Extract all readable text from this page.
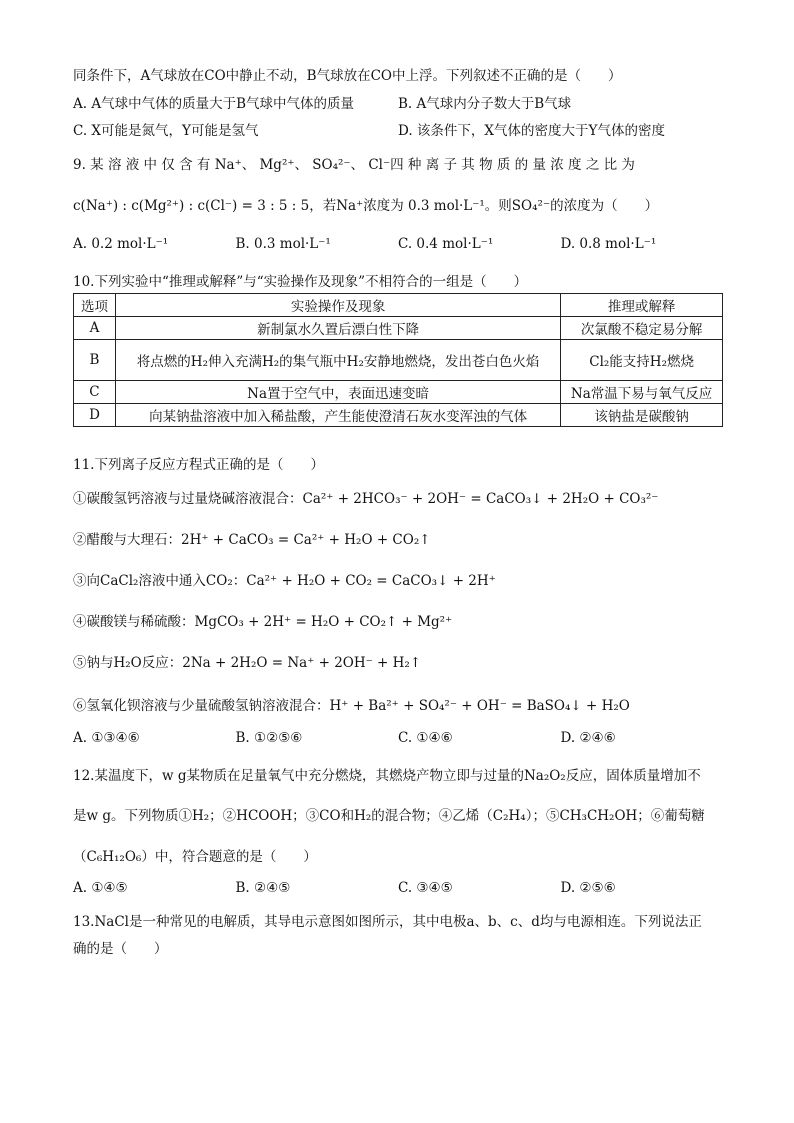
同条件下，A气球放在CO中静止不动，B气球放在CO中上浮。下列叙述不正确的是（　　）
A. A气球中气体的质量大于B气球中气体的质量	B. A气球内分子数大于B气球
C. X可能是氮气，Y可能是氢气	D. 该条件下，X气体的密度大于Y气体的密度
9. 某 溶 液 中 仅 含 有 Na⁺、 Mg²⁺、 SO₄²⁻、 Cl⁻四 种 离 子 其 物 质 的 量 浓 度 之 比 为
c(Na⁺) : c(Mg²⁺) : c(Cl⁻) = 3 : 5 : 5，若Na⁺浓度为 0.3 mol·L⁻¹。则SO₄²⁻的浓度为（　　）
A. 0.2 mol·L⁻¹	B. 0.3 mol·L⁻¹	C. 0.4 mol·L⁻¹	D. 0.8 mol·L⁻¹
10.下列实验中“推理或解释”与“实验操作及现象”不相符合的一组是（　　）
选项	实验操作及现象	推理或解释
A	新制氯水久置后漂白性下降	次氯酸不稳定易分解
B	将点燃的H₂伸入充满H₂的集气瓶中H₂安静地燃烧，发出苍白色火焰	Cl₂能支持H₂燃烧
C	Na置于空气中，表面迅速变暗	Na常温下易与氧气反应
D	向某钠盐溶液中加入稀盐酸，产生能使澄清石灰水变浑浊的气体	该钠盐是碳酸钠
11.下列离子反应方程式正确的是（　　）
①碳酸氢钙溶液与过量烧碱溶液混合：Ca²⁺ + 2HCO₃⁻ + 2OH⁻ = CaCO₃↓ + 2H₂O + CO₃²⁻
②醋酸与大理石：2H⁺ + CaCO₃ = Ca²⁺ + H₂O + CO₂↑
③向CaCl₂溶液中通入CO₂：Ca²⁺ + H₂O + CO₂ = CaCO₃↓ + 2H⁺
④碳酸镁与稀硫酸：MgCO₃ + 2H⁺ = H₂O + CO₂↑ + Mg²⁺
⑤钠与H₂O反应：2Na + 2H₂O = Na⁺ + 2OH⁻ + H₂↑
⑥氢氧化钡溶液与少量硫酸氢钠溶液混合：H⁺ + Ba²⁺ + SO₄²⁻ + OH⁻ = BaSO₄↓ + H₂O
A. ①③④⑥	B. ①②⑤⑥	C. ①④⑥	D. ②④⑥
12.某温度下，w g某物质在足量氧气中充分燃烧，其燃烧产物立即与过量的Na₂O₂反应，固体质量增加不
是w g。下列物质①H₂；②HCOOH；③CO和H₂的混合物；④乙烯（C₂H₄）；⑤CH₃CH₂OH；⑥葡萄糖
（C₆H₁₂O₆）中，符合题意的是（　　）
A. ①④⑤	B. ②④⑤	C. ③④⑤	D. ②⑤⑥
13.NaCl是一种常见的电解质，其导电示意图如图所示，其中电极a、b、c、d均与电源相连。下列说法正
确的是（　　）
